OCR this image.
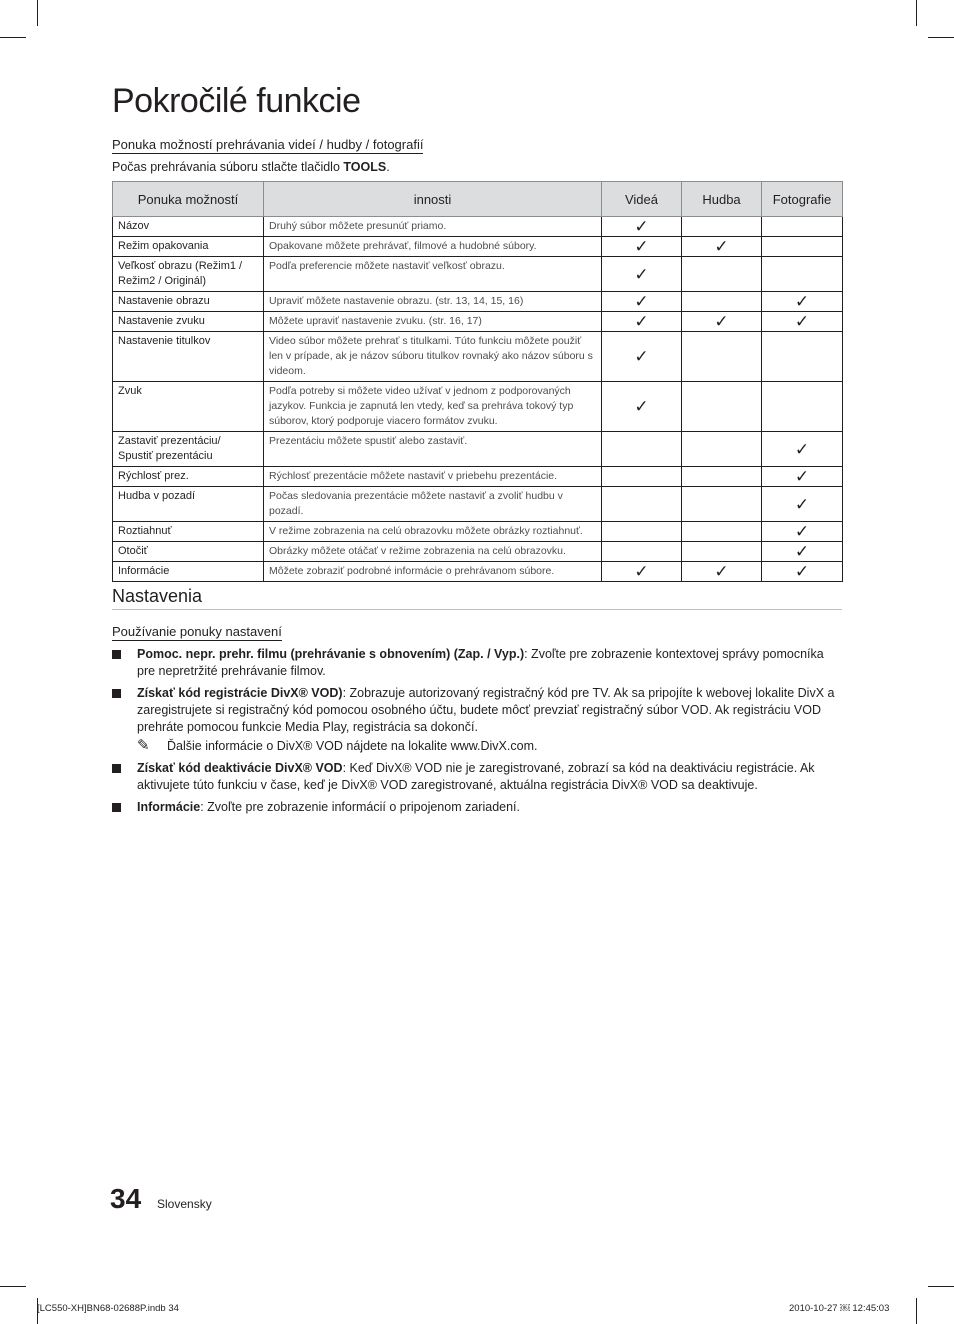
Pokročilé funkcie
Ponuka možností prehrávania videí / hudby / fotografií
Počas prehrávania súboru stlačte tlačidlo TOOLS.
Ponuka možností	innosti	Videá	Hudba	Fotografie
Názov	Druhý súbor môžete presunúť priamo.	✓		
Režim opakovania	Opakovane môžete prehrávať, filmové a hudobné súbory.	✓	✓	
Veľkosť obrazu (Režim1 / Režim2 / Originál)	Podľa preferencie môžete nastaviť veľkosť obrazu.	✓		
Nastavenie obrazu	Upraviť môžete nastavenie obrazu. (str. 13, 14, 15, 16)	✓		✓
Nastavenie zvuku	Môžete upraviť nastavenie zvuku. (str. 16, 17)	✓	✓	✓
Nastavenie titulkov	Video súbor môžete prehrať s titulkami. Túto funkciu môžete použiť len v prípade, ak je názov súboru titulkov rovnaký ako názov súboru s videom.	✓		
Zvuk	Podľa potreby si môžete video užívať v jednom z podporovaných jazykov. Funkcia je zapnutá len vtedy, keď sa prehráva tokový typ súborov, ktorý podporuje viacero formátov zvuku.	✓		
Zastaviť prezentáciu/ Spustiť prezentáciu	Prezentáciu môžete spustiť alebo zastaviť.			✓
Rýchlosť prez.	Rýchlosť prezentácie môžete nastaviť v priebehu prezentácie.			✓
Hudba v pozadí	Počas sledovania prezentácie môžete nastaviť a zvoliť hudbu v pozadí.			✓
Roztiahnuť	V režime zobrazenia na celú obrazovku môžete obrázky roztiahnuť.			✓
Otočiť	Obrázky môžete otáčať v režime zobrazenia na celú obrazovku.			✓
Informácie	Môžete zobraziť podrobné informácie o prehrávanom súbore.	✓	✓	✓
Nastavenia
Používanie ponuky nastavení
Pomoc. nepr. prehr. filmu (prehrávanie s obnovením) (Zap. / Vyp.): Zvoľte pre zobrazenie kontextovej správy pomocníka pre nepretržité prehrávanie filmov.
Získať kód registrácie DivX® VOD): Zobrazuje autorizovaný registračný kód pre TV. Ak sa pripojíte k webovej lokalite DivX a zaregistrujete si registračný kód pomocou osobného účtu, budete môcť prevziať registračný súbor VOD. Ak registráciu VOD prehráte pomocou funkcie Media Play, registrácia sa dokončí.
✎ Ďalšie informácie o DivX® VOD nájdete na lokalite www.DivX.com.
Získať kód deaktivácie DivX® VOD: Keď DivX® VOD nie je zaregistrované, zobrazí sa kód na deaktiváciu registrácie. Ak aktivujete túto funkciu v čase, keď je DivX® VOD zaregistrované, aktuálna registrácia DivX® VOD sa deaktivuje.
Informácie: Zvoľte pre zobrazenie informácií o pripojenom zariadení.
34 Slovensky
[LC550-XH]BN68-02688P.indb 34	2010-10-27 ￼ 12:45:03
